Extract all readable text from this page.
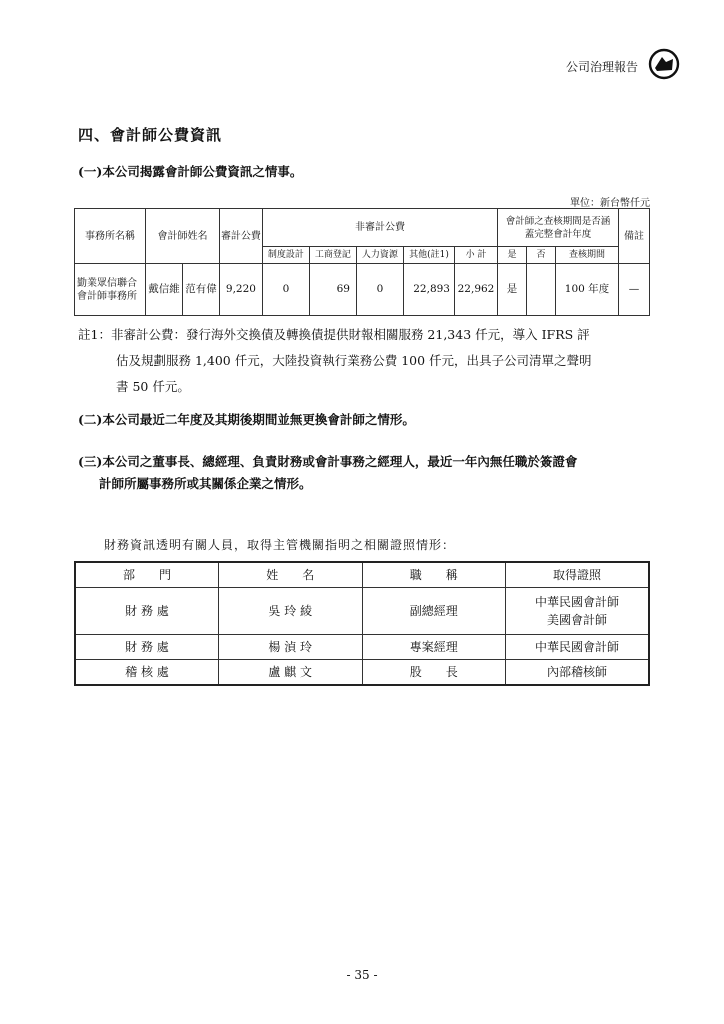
公司治理報告
四、會計師公費資訊
(一)本公司揭露會計師公費資訊之情事。
單位：新台幣仟元
事務所名稱	會計師姓名		審計公費	非審計公費					會計師之查核期間是否涵蓋完整會計年度			備註
				制度設計	工商登記	人力資源	其他(註1)	小 計	是	否	查核期間	
勤業眾信聯合會計師事務所	戴信維	范有偉	9,220	0	69	0	22,893	22,962	是		100 年度	—
註1：非審計公費：發行海外交換債及轉換債提供財報相關服務 21,343 仟元，導入 IFRS 評

估及規劃服務 1,400 仟元，大陸投資執行業務公費 100 仟元，出具子公司清單之聲明
書 50 仟元。
(二)本公司最近二年度及其期後期間並無更換會計師之情形。
(三)本公司之董事長、總經理、負責財務或會計事務之經理人，最近一年內無任職於簽證會
計師所屬事務所或其關係企業之情形。
財務資訊透明有關人員，取得主管機關指明之相關證照情形：
部　　門	姓　　名	職　　稱	取得證照
財 務 處	吳 玲 綾	副總經理	中華民國會計師
美國會計師
財 務 處	楊 湞 玲	專案經理	中華民國會計師
稽 核 處	盧 麒 文	股　　長	內部稽核師
- 35 -
